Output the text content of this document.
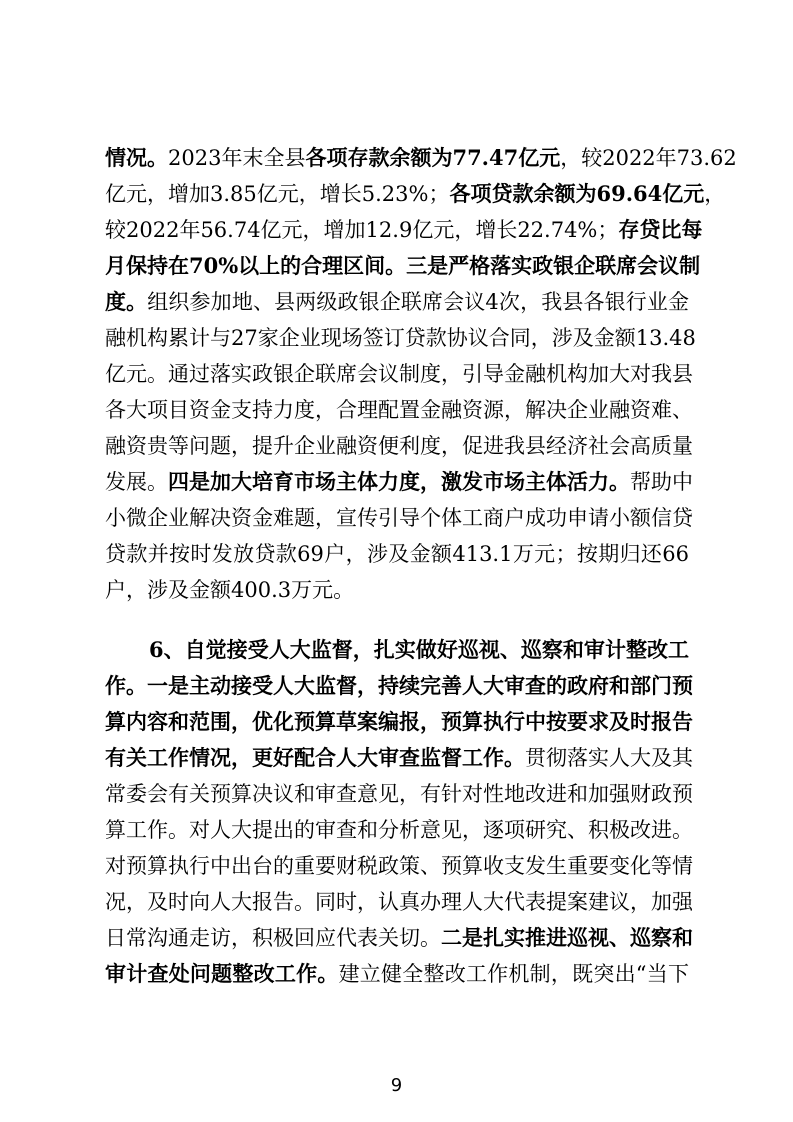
情况。2023年末全县各项存款余额为77.47亿元，较2022年73.62
亿元，增加3.85亿元，增长5.23%；各项贷款余额为69.64亿元，
较2022年56.74亿元，增加12.9亿元，增长22.74%；存贷比每
月保持在70%以上的合理区间。三是严格落实政银企联席会议制
度。组织参加地、县两级政银企联席会议4次，我县各银行业金
融机构累计与27家企业现场签订贷款协议合同，涉及金额13.48
亿元。通过落实政银企联席会议制度，引导金融机构加大对我县
各大项目资金支持力度，合理配置金融资源，解决企业融资难、
融资贵等问题，提升企业融资便利度，促进我县经济社会高质量
发展。四是加大培育市场主体力度，激发市场主体活力。帮助中
小微企业解决资金难题，宣传引导个体工商户成功申请小额信贷
贷款并按时发放贷款69户，涉及金额413.1万元；按期归还66
户，涉及金额400.3万元。
6、自觉接受人大监督，扎实做好巡视、巡察和审计整改工
作。一是主动接受人大监督，持续完善人大审查的政府和部门预
算内容和范围，优化预算草案编报，预算执行中按要求及时报告
有关工作情况，更好配合人大审查监督工作。贯彻落实人大及其
常委会有关预算决议和审查意见，有针对性地改进和加强财政预
算工作。对人大提出的审查和分析意见，逐项研究、积极改进。
对预算执行中出台的重要财税政策、预算收支发生重要变化等情
况，及时向人大报告。同时，认真办理人大代表提案建议，加强
日常沟通走访，积极回应代表关切。二是扎实推进巡视、巡察和
审计查处问题整改工作。建立健全整改工作机制，既突出“当下
9
